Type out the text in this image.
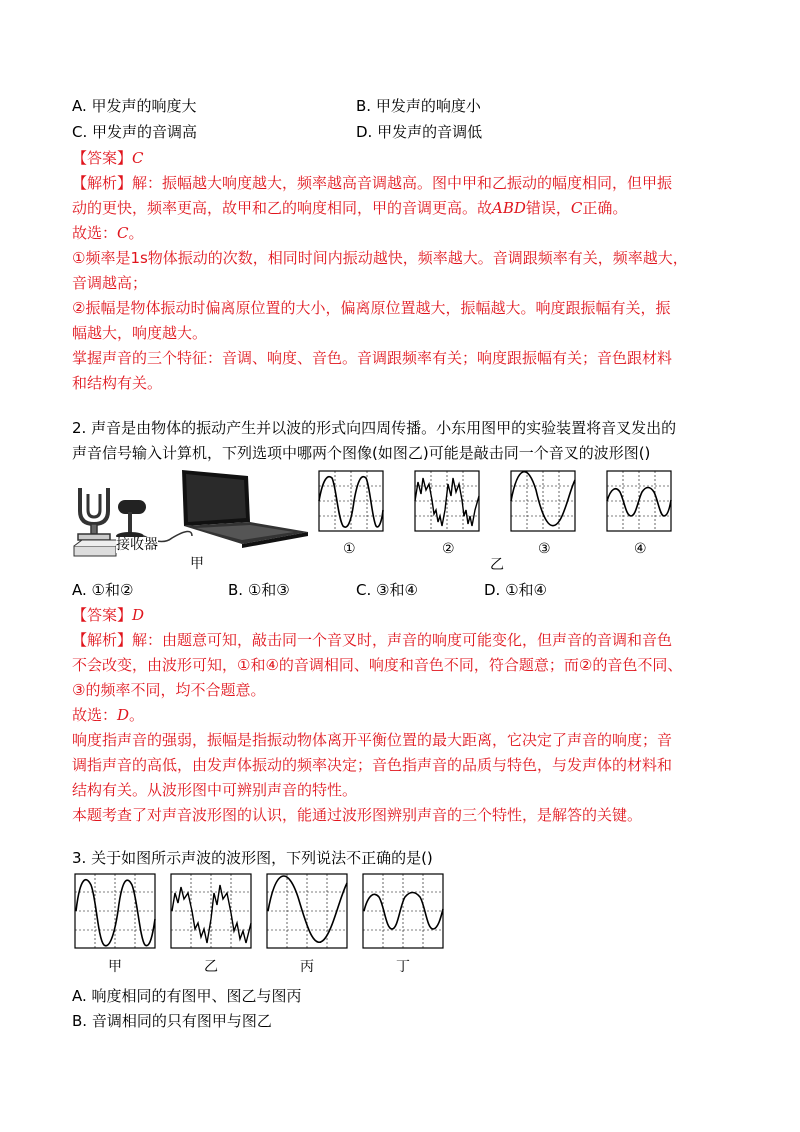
A. 甲发声的响度大	B. 甲发声的响度小
C. 甲发声的音调高	D. 甲发声的音调低
【答案】C
【解析】解：振幅越大响度越大，频率越高音调越高。图中甲和乙振动的幅度相同，但甲振
动的更快，频率更高，故甲和乙的响度相同，甲的音调更高。故ABD错误，C正确。
故选：C。
①频率是1s物体振动的次数，相同时间内振动越快，频率越大。音调跟频率有关，频率越大，
音调越高；
②振幅是物体振动时偏离原位置的大小，偏离原位置越大，振幅越大。响度跟振幅有关，振
幅越大，响度越大。
掌握声音的三个特征：音调、响度、音色。音调跟频率有关；响度跟振幅有关；音色跟材料
和结构有关。
2. 声音是由物体的振动产生并以波的形式向四周传播。小东用图甲的实验装置将音叉发出的
声音信号输入计算机，下列选项中哪两个图像(如图乙)可能是敲击同一个音叉的波形图()
接收器
甲
①	②	③	④
乙
A. ①和②	B. ①和③	C. ③和④	D. ①和④
【答案】D
【解析】解：由题意可知，敲击同一个音叉时，声音的响度可能变化，但声音的音调和音色
不会改变，由波形可知，①和④的音调相同、响度和音色不同，符合题意；而②的音色不同、
③的频率不同，均不合题意。
故选：D。
响度指声音的强弱，振幅是指振动物体离开平衡位置的最大距离，它决定了声音的响度；音
调指声音的高低，由发声体振动的频率决定；音色指声音的品质与特色，与发声体的材料和
结构有关。从波形图中可辨别声音的特性。
本题考查了对声音波形图的认识，能通过波形图辨别声音的三个特性，是解答的关键。
3. 关于如图所示声波的波形图，下列说法不正确的是()
甲	乙	丙	丁
A. 响度相同的有图甲、图乙与图丙
B. 音调相同的只有图甲与图乙
